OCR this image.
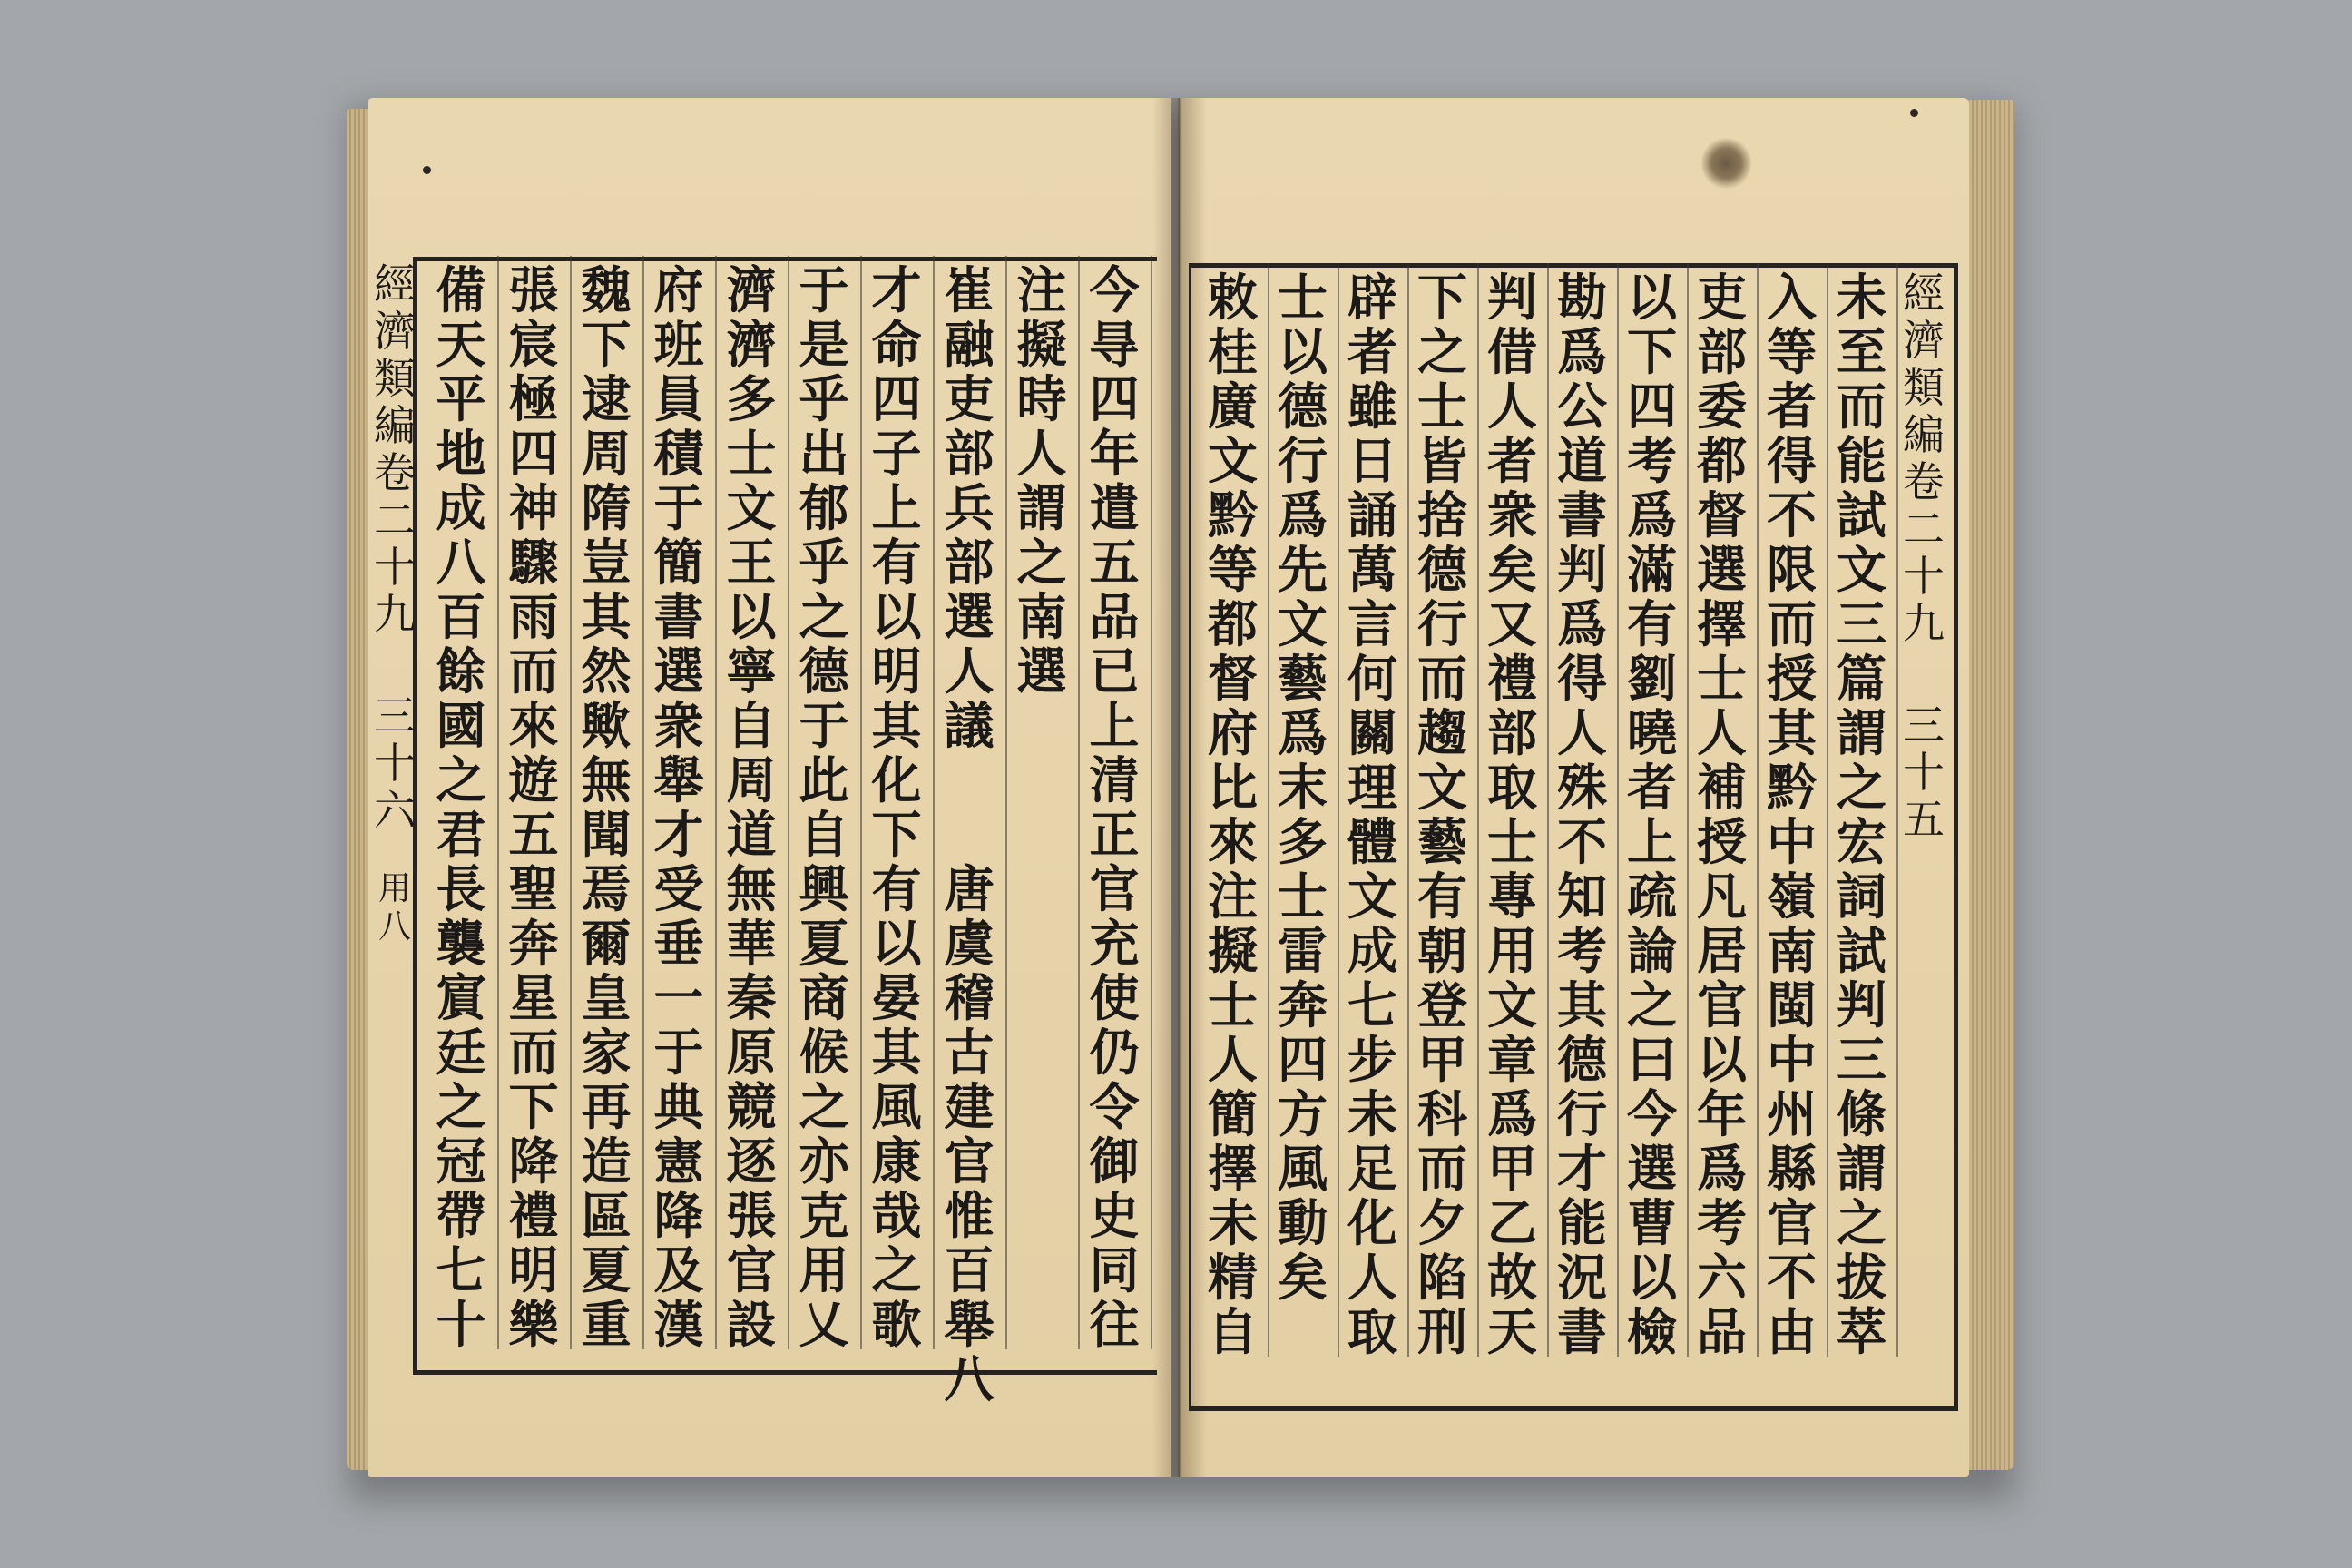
經
濟
類
編
卷
二
十
九
三
十
六
用
八
今
㝵
四
年
遣
五
品
已
上
清
正
官
充
使
仍
令
御
史
同
往
注
擬
時
人
謂
之
南
選
崔
融
吏
部
兵
部
選
人
議

唐
虞
稽
古
建
官
惟
百
舉
八
才
命
四
子
上
有
以
明
其
化
下
有
以
晏
其
風
康
哉
之
歌
于
是
乎
出
郁
乎
之
德
于
此
自
興
夏
商
𠋫
之
亦
克
用
乂
濟
濟
多
士
文
王
以
寧
自
周
道
無
華
秦
原
競
逐
張
官
設
府
班
員
積
于
簡
書
選
衆
舉
才
受
垂
一
于
典
憲
降
及
漢
魏
下
逮
周
隋
豈
其
然
歟
無
聞
焉
爾
皇
家
再
造
區
夏
重
張
宸
極
四
神
驟
雨
而
來
遊
五
聖
奔
星
而
下
降
禮
明
樂
備
天
平
地
成
八
百
餘
國
之
君
長
襲
賔
廷
之
冠
帶
七
十
經
濟
類
編
卷
二
十
九
三
十
五
未
至
而
能
試
文
三
篇
謂
之
宏
詞
試
判
三
條
謂
之
拔
萃
入
等
者
得
不
限
而
授
其
黔
中
嶺
南
閩
中
州
縣
官
不
由
吏
部
委
都
督
選
擇
士
人
補
授
凡
居
官
以
年
爲
考
六
品
以
下
四
考
爲
滿
有
劉
曉
者
上
疏
論
之
曰
今
選
曹
以
檢
勘
爲
公
道
書
判
爲
得
人
殊
不
知
考
其
德
行
才
能
況
書
判
借
人
者
衆
矣
又
禮
部
取
士
專
用
文
章
爲
甲
乙
故
天
下
之
士
皆
捨
德
行
而
趨
文
藝
有
朝
登
甲
科
而
夕
陷
刑
辟
者
雖
日
誦
萬
言
何
關
理
體
文
成
七
步
未
足
化
人
取
士
以
德
行
爲
先
文
藝
爲
末
多
士
雷
奔
四
方
風
動
矣
敕
桂
廣
文
黔
等
都
督
府
比
來
注
擬
士
人
簡
擇
未
精
自
